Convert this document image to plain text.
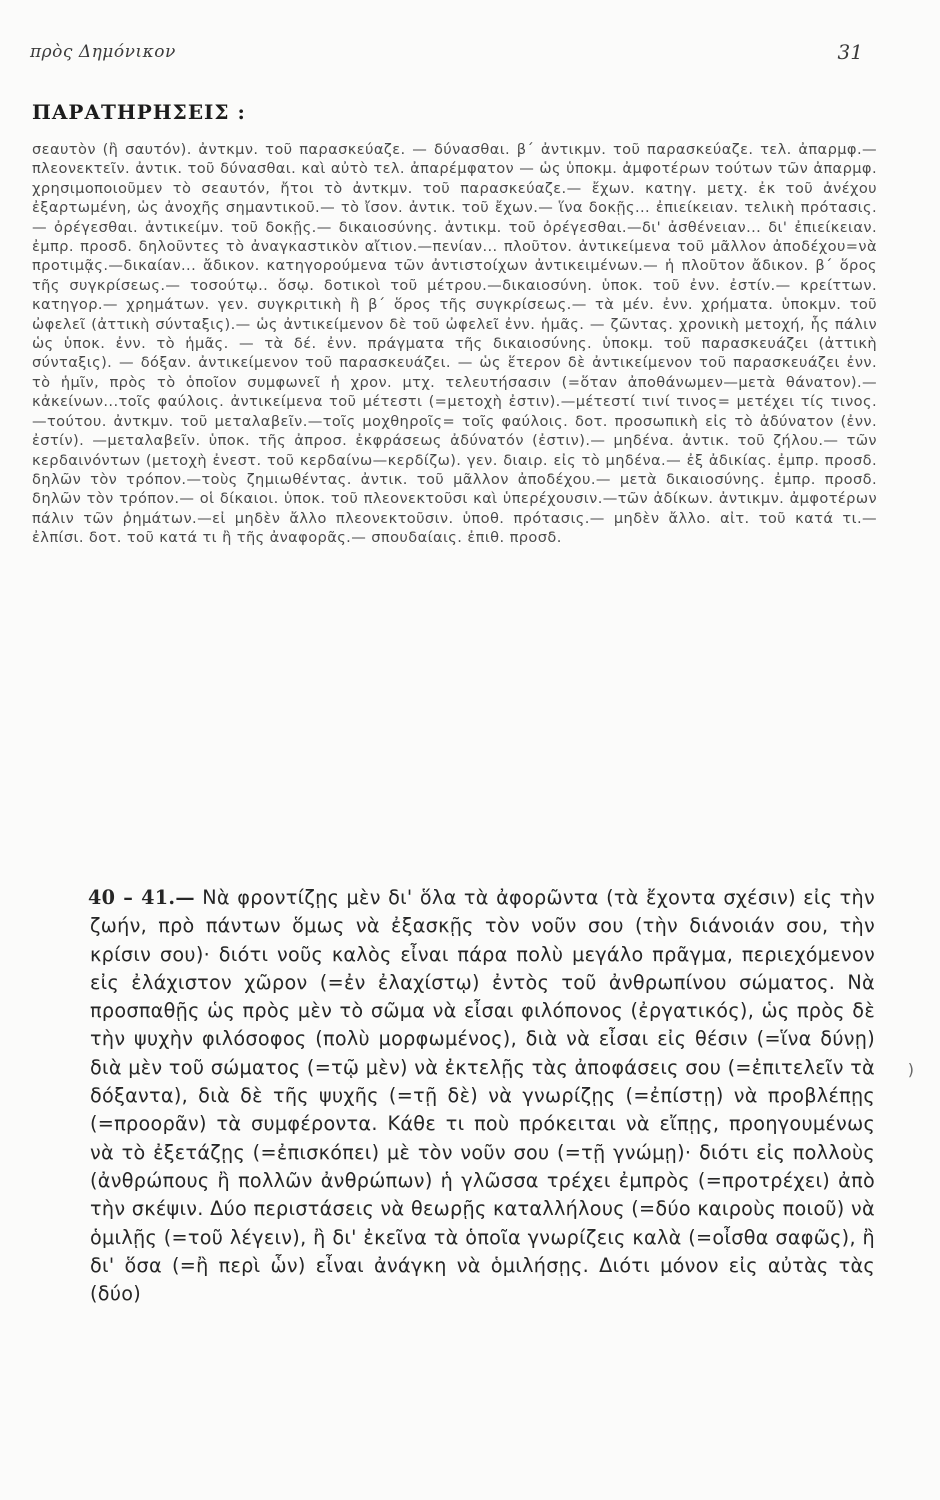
πρὸς Δημόνικον	31
ΠΑΡΑΤΗΡΗΣΕΙΣ :

σεαυτὸν (ἢ σαυτόν). ἀντκμν. τοῦ παρασκεύαζε. — δύνασθαι. β΄ ἀντικμν. τοῦ παρασκεύαζε. τελ. ἀπαρμφ.—πλεονεκτεῖν. ἀντικ. τοῦ δύνασθαι. καὶ αὐτὸ τελ. ἀπαρέμφατον — ὡς ὑποκμ. ἀμφοτέρων τούτων τῶν ἀπαρμφ. χρησιμοποιοῦμεν τὸ σεαυτόν, ἤτοι τὸ ἀντκμν. τοῦ παρασκεύαζε.— ἔχων. κατηγ. μετχ. ἐκ τοῦ ἀνέχου ἐξαρτωμένη, ὡς ἀνοχῆς σημαντικοῦ.— τὸ ἴσον. ἀντικ. τοῦ ἔχων.— ἵνα δοκῇς... ἐπιείκειαν. τελικὴ πρότασις.— ὀρέγεσθαι. ἀντικείμν. τοῦ δοκῇς.— δικαιοσύνης. ἀντικμ. τοῦ ὀρέγεσθαι.—δι' ἀσθένειαν... δι' ἐπιείκειαν. ἐμπρ. προσδ. δηλοῦντες τὸ ἀναγκαστικὸν αἴτιον.—πενίαν... πλοῦτον. ἀντικείμενα τοῦ μᾶλλον ἀποδέχου=νὰ προτιμᾷς.—δικαίαν... ἄδικον. κατηγορούμενα τῶν ἀντιστοίχων ἀντικειμένων.— ἡ πλοῦτον ἄδικον. β΄ ὅρος τῆς συγκρίσεως.— τοσούτῳ.. ὅσῳ. δοτικοὶ τοῦ μέτρου.—δικαιοσύνη. ὑποκ. τοῦ ἐνν. ἐστίν.— κρείττων. κατηγορ.— χρημάτων. γεν. συγκριτικὴ ἢ β΄ ὅρος τῆς συγκρίσεως.— τὰ μέν. ἐνν. χρήματα. ὑποκμν. τοῦ ὠφελεῖ (ἀττικὴ σύνταξις).— ὡς ἀντικείμενον δὲ τοῦ ὠφελεῖ ἐνν. ἡμᾶς. — ζῶντας. χρονικὴ μετοχή, ἧς πάλιν ὡς ὑποκ. ἐνν. τὸ ἡμᾶς. — τὰ δέ. ἐνν. πράγματα τῆς δικαιοσύνης. ὑποκμ. τοῦ παρασκευάζει (ἀττικὴ σύνταξις). — δόξαν. ἀντικείμενον τοῦ παρασκευάζει. — ὡς ἕτερον δὲ ἀντικείμενον τοῦ παρασκευάζει ἐνν. τὸ ἡμῖν, πρὸς τὸ ὁποῖον συμφωνεῖ ἡ χρον. μτχ. τελευτήσασιν (=ὅταν ἀποθάνωμεν—μετὰ θάνατον).— κἀκείνων...τοῖς φαύλοις. ἀντικείμενα τοῦ μέτεστι (=μετοχὴ ἐστιν).—μέτεστί τινί τινος= μετέχει τίς τινος.—τούτου. ἀντκμν. τοῦ μεταλαβεῖν.—τοῖς μοχθηροῖς= τοῖς φαύλοις. δοτ. προσωπικὴ εἰς τὸ ἀδύνατον (ἐνν. ἐστίν). —μεταλαβεῖν. ὑποκ. τῆς ἀπροσ. ἐκφράσεως ἀδύνατόν (ἐστιν).— μηδένα. ἀντικ. τοῦ ζήλου.— τῶν κερδαινόντων (μετοχὴ ἐνεστ. τοῦ κερδαίνω—κερδίζω). γεν. διαιρ. εἰς τὸ μηδένα.— ἐξ ἀδικίας. ἐμπρ. προσδ. δηλῶν τὸν τρόπον.—τοὺς ζημιωθέντας. ἀντικ. τοῦ μᾶλλον ἀποδέχου.— μετὰ δικαιοσύνης. ἐμπρ. προσδ. δηλῶν τὸν τρόπον.— οἱ δίκαιοι. ὑποκ. τοῦ πλεονεκτοῦσι καὶ ὑπερέχουσιν.—τῶν ἀδίκων. ἀντικμν. ἀμφοτέρων πάλιν τῶν ῥημάτων.—εἰ μηδὲν ἄλλο πλεονεκτοῦσιν. ὑποθ. πρότασις.— μηδὲν ἄλλο. αἰτ. τοῦ κατά τι.— ἐλπίσι. δοτ. τοῦ κατά τι ἢ τῆς ἀναφορᾶς.— σπουδαίαις. ἐπιθ. προσδ.

40 – 41.— Νὰ φροντίζῃς μὲν δι' ὅλα τὰ ἀφορῶντα (τὰ ἔχοντα σχέσιν) εἰς τὴν ζωήν, πρὸ πάντων ὅμως νὰ ἐξασκῇς τὸν νοῦν σου (τὴν διάνοιάν σου, τὴν κρίσιν σου)· διότι νοῦς καλὸς εἶναι πάρα πολὺ μεγάλο πρᾶγμα, περιεχόμενον εἰς ἐλάχιστον χῶρον (=ἐν ἐλαχίστῳ) ἐντὸς τοῦ ἀνθρωπίνου σώματος. Νὰ προσπαθῇς ὡς πρὸς μὲν τὸ σῶμα νὰ εἶσαι φιλόπονος (ἐργατικός), ὡς πρὸς δὲ τὴν ψυχὴν φιλόσοφος (πολὺ μορφωμένος), διὰ νὰ εἶσαι εἰς θέσιν (=ἵνα δύνῃ) διὰ μὲν τοῦ σώματος (=τῷ μὲν) νὰ ἐκτελῇς τὰς ἀποφάσεις σου (=ἐπιτελεῖν τὰ δόξαντα), διὰ δὲ τῆς ψυχῆς (=τῇ δὲ) νὰ γνωρίζῃς (=ἐπίστῃ) νὰ προβλέπῃς (=προορᾶν) τὰ συμφέροντα. Κάθε τι ποὺ πρόκειται νὰ εἴπῃς, προηγουμένως νὰ τὸ ἐξετάζῃς (=ἐπισκόπει) μὲ τὸν νοῦν σου (=τῇ γνώμῃ)· διότι εἰς πολλοὺς (ἀνθρώπους ἢ πολλῶν ἀνθρώπων) ἡ γλῶσσα τρέχει ἐμπρὸς (=προτρέχει) ἀπὸ τὴν σκέψιν. Δύο περιστάσεις νὰ θεωρῇς καταλλήλους (=δύο καιροὺς ποιοῦ) νὰ ὁμιλῇς (=τοῦ λέγειν), ἢ δι' ἐκεῖνα τὰ ὁποῖα γνωρίζεις καλὰ (=οἶσθα σαφῶς), ἢ δι' ὅσα (=ἢ περὶ ὧν) εἶναι ἀνάγκη νὰ ὁμιλήσῃς. Διότι μόνον εἰς αὐτὰς τὰς (δύο)

)
